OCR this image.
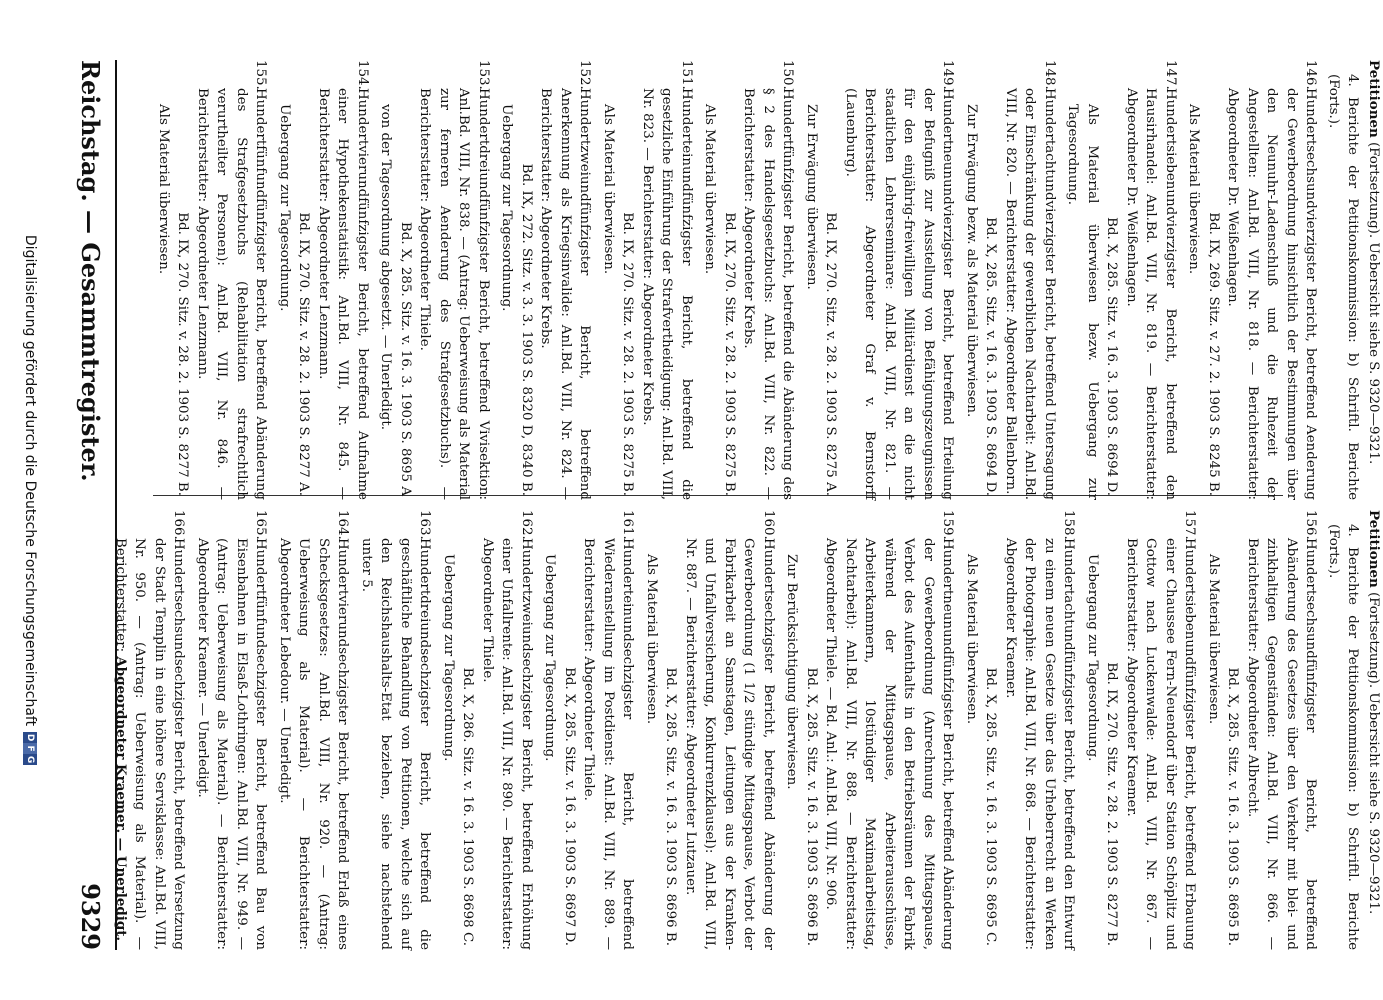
Reichstag. — Gesammtregister.
9329
Petitionen (Fortsetzung). Uebersicht siehe S. 9320—9321.
4. Berichte der Petitionskommission: b) Schriftl. Berichte (Forts.).
146.
Hundertsechsundvierzigster Bericht, betreffend Aenderung der Gewerbeordnung hinsichtlich der Bestimmungen über den Neunuhr-Ladenschluß und die Ruhezeit der Angestellten: Anl.Bd. VIII, Nr. 818. — Berichterstatter: Abgeordneter Dr. Weißenhagen.
Bd. IX, 269. Sitz. v. 27. 2. 1903 S. 8245 B.
Als Material überwiesen.
147.
Hundertsiebenundvierzigster Bericht, betreffend den Hausirhandel: Anl.Bd. VIII, Nr. 819. — Berichterstatter: Abgeordneter Dr. Weißenhagen.
Bd. X, 285. Sitz. v. 16. 3. 1903 S. 8694 D.
Als Material überwiesen bezw. Uebergang zur Tagesordnung.
148.
Hundertachtundvierzigster Bericht, betreffend Untersagung oder Einschränkung der gewerblichen Nachtarbeit: Anl.Bd. VIII, Nr. 820. — Berichterstatter: Abgeordneter Ballenborn.
Bd. X, 285. Sitz. v. 16. 3. 1903 S. 8694 D.
Zur Erwägung bezw. als Material überwiesen.
149.
Hundertneunundvierzigster Bericht, betreffend Erteilung der Befugniß zur Ausstellung von Befähigungszeugnissen für den einjährig-freiwilligen Militärdienst an die nicht staatlichen Lehrerseminare: Anl.Bd. VIII, Nr. 821. — Berichterstatter: Abgeordneter Graf v. Bernstorff (Lauenburg).
Bd. IX, 270. Sitz. v. 28. 2. 1903 S. 8275 A.
Zur Erwägung überwiesen.
150.
Hundertfünfzigster Bericht, betreffend die Abänderung des § 2 des Handelsgesetzbuchs: Anl.Bd. VIII, Nr. 822. — Berichterstatter: Abgeordneter Krebs.
Bd. IX, 270. Sitz. v. 28. 2. 1903 S. 8275 B.
Als Material überwiesen.
151.
Hunderteinundfünfzigster Bericht, betreffend die gesetzliche Einführung der Strafvertheidigung: Anl.Bd. VIII, Nr. 823. — Berichterstatter: Abgeordneter Krebs.
Bd. IX, 270. Sitz. v. 28. 2. 1903 S. 8275 B.
Als Material überwiesen.
152.
Hundertzweiundfünfzigster Bericht, betreffend Anerkennung als Kriegsinvalide: Anl.Bd. VIII, Nr. 824. — Berichterstatter: Abgeordneter Krebs.
Bd. IX, 272. Sitz. v. 3. 3. 1903 S. 8320 D, 8340 B.
Uebergang zur Tagesordnung.
153.
Hundertdreiundfünfzigster Bericht, betreffend Vivisektion: Anl.Bd. VIII, Nr. 838. — (Antrag: Ueberweisung als Material zur ferneren Aenderung des Strafgesetzbuchs). — Berichterstatter: Abgeordneter Thiele.
Bd. X, 285. Sitz. v. 16. 3. 1903 S. 8695 A
von der Tagesordnung abgesetzt. — Unerledigt.
154.
Hundertvierundfünfzigster Bericht, betreffend Aufnahme einer Hypothekenstatistik: Anl.Bd. VIII, Nr. 845. — Berichterstatter: Abgeordneter Lenzmann.
Bd. IX, 270. Sitz. v. 28. 2. 1903 S. 8277 A.
Uebergang zur Tagesordnung.
155.
Hundertfünfundfünfzigster Bericht, betreffend Abänderung des Strafgesetzbuchs (Rehabilitation strafrechtlich verurtheilter Personen): Anl.Bd. VIII, Nr. 846. — Berichterstatter: Abgeordneter Lenzmann.
Bd. IX, 270. Sitz. v. 28. 2. 1903 S. 8277 B.
Als Material überwiesen.
Petitionen (Fortsetzung). Uebersicht siehe S. 9320—9321.
4. Berichte der Petitionskommission: b) Schriftl. Berichte (Forts.).
156.
Hundertsechsundfünfzigster Bericht, betreffend Abänderung des Gesetzes über den Verkehr mit blei- und zinkhaltigen Gegenständen: Anl.Bd. VIII, Nr. 866. — Berichterstatter: Abgeordneter Albrecht.
Bd. X, 285. Sitz. v. 16. 3. 1903 S. 8695 B.
Als Material überwiesen.
157.
Hundertsiebenundfünfzigster Bericht, betreffend Erbauung einer Chaussee Fern-Neuendorf über Station Schöplitz und Gottow nach Luckenwalde: Anl.Bd. VIII, Nr. 867. — Berichterstatter: Abgeordneter Kraemer.
Bd. IX, 270. Sitz. v. 28. 2. 1903 S. 8277 B.
Uebergang zur Tagesordnung.
158.
Hundertachtundfünfzigster Bericht, betreffend den Entwurf zu einem neuen Gesetze über das Urheberrecht an Werken der Photographie: Anl.Bd. VIII, Nr. 868. — Berichterstatter: Abgeordneter Kraemer.
Bd. X, 285. Sitz. v. 16. 3. 1903 S. 8695 C.
Als Material überwiesen.
159.
Hundertneunundfünfzigster Bericht, betreffend Abänderung der Gewerbeordnung (Anrechnung des Mittagspause, Verbot des Aufenthalts in den Betriebsräumen der Fabrik während der Mittagspause, Arbeiterausschüsse, Arbeiterkammern, 10stündiger Maximalarbeitstag, Nachtarbeit): Anl.Bd. VIII, Nr. 888. — Berichterstatter: Abgeordneter Thiele. — Bd. Anl.: Anl.Bd. VIII, Nr. 906.
Bd. X, 285. Sitz. v. 16. 3. 1903 S. 8696 B.
Zur Berücksichtigung überwiesen.
160.
Hundertsechzigster Bericht, betreffend Abänderung der Gewerbeordnung (1 1/2 stündige Mittagspause, Verbot der Fabrikarbeit an Samstagen, Leitungen aus der Kranken- und Unfallversicherung, Konkurrenzklausel): Anl.Bd. VIII, Nr. 887. — Berichterstatter: Abgeordneter Lutzauer.
Bd. X, 285. Sitz. v. 16. 3. 1903 S. 8696 B.
Als Material überwiesen.
161.
Hunderteinundsechzigster Bericht, betreffend Wiederanstellung im Postdienst: Anl.Bd. VIII, Nr. 889. — Berichterstatter: Abgeordneter Thiele.
Bd. X, 285. Sitz. v. 16. 3. 1903 S. 8697 D.
Uebergang zur Tagesordnung.
162.
Hundertzweiundsechzigster Bericht, betreffend Erhöhung einer Unfallrente: Anl.Bd. VIII, Nr. 890. — Berichterstatter: Abgeordneter Thiele.
Bd. X, 286. Sitz. v. 16. 3. 1903 S. 8698 C.
Uebergang zur Tagesordnung.
163.
Hundertdreiundsechzigster Bericht, betreffend die geschäftliche Behandlung von Petitionen, welche sich auf den Reichshaushalts-Etat beziehen, siehe nachstehend unter 5.
164.
Hundertvierundsechzigster Bericht, betreffend Erlaß eines Schecksgesetzes: Anl.Bd. VIII, Nr. 920. — (Antrag: Ueberweisung als Material). — Berichterstatter: Abgeordneter Lebedour. — Unerledigt.
165.
Hundertfünfundsechzigster Bericht, betreffend Bau von Eisenbahnen in Elsaß-Lothringen: Anl.Bd. VIII, Nr. 949. — (Antrag: Ueberweisung als Material). — Berichterstatter: Abgeordneter Kraemer. — Unerledigt.
166.
Hundertsechsundsechzigster Bericht, betreffend Versetzung der Stadt Templin in eine höhere Servisklasse: Anl.Bd. VIII, Nr. 950. — (Antrag: Ueberweisung als Material). — Berichterstatter: Abgeordneter Kraemer. — Unerledigt.
Digitalisierung gefördert durch die Deutsche Forschungsgemeinschaft
D
F
G
